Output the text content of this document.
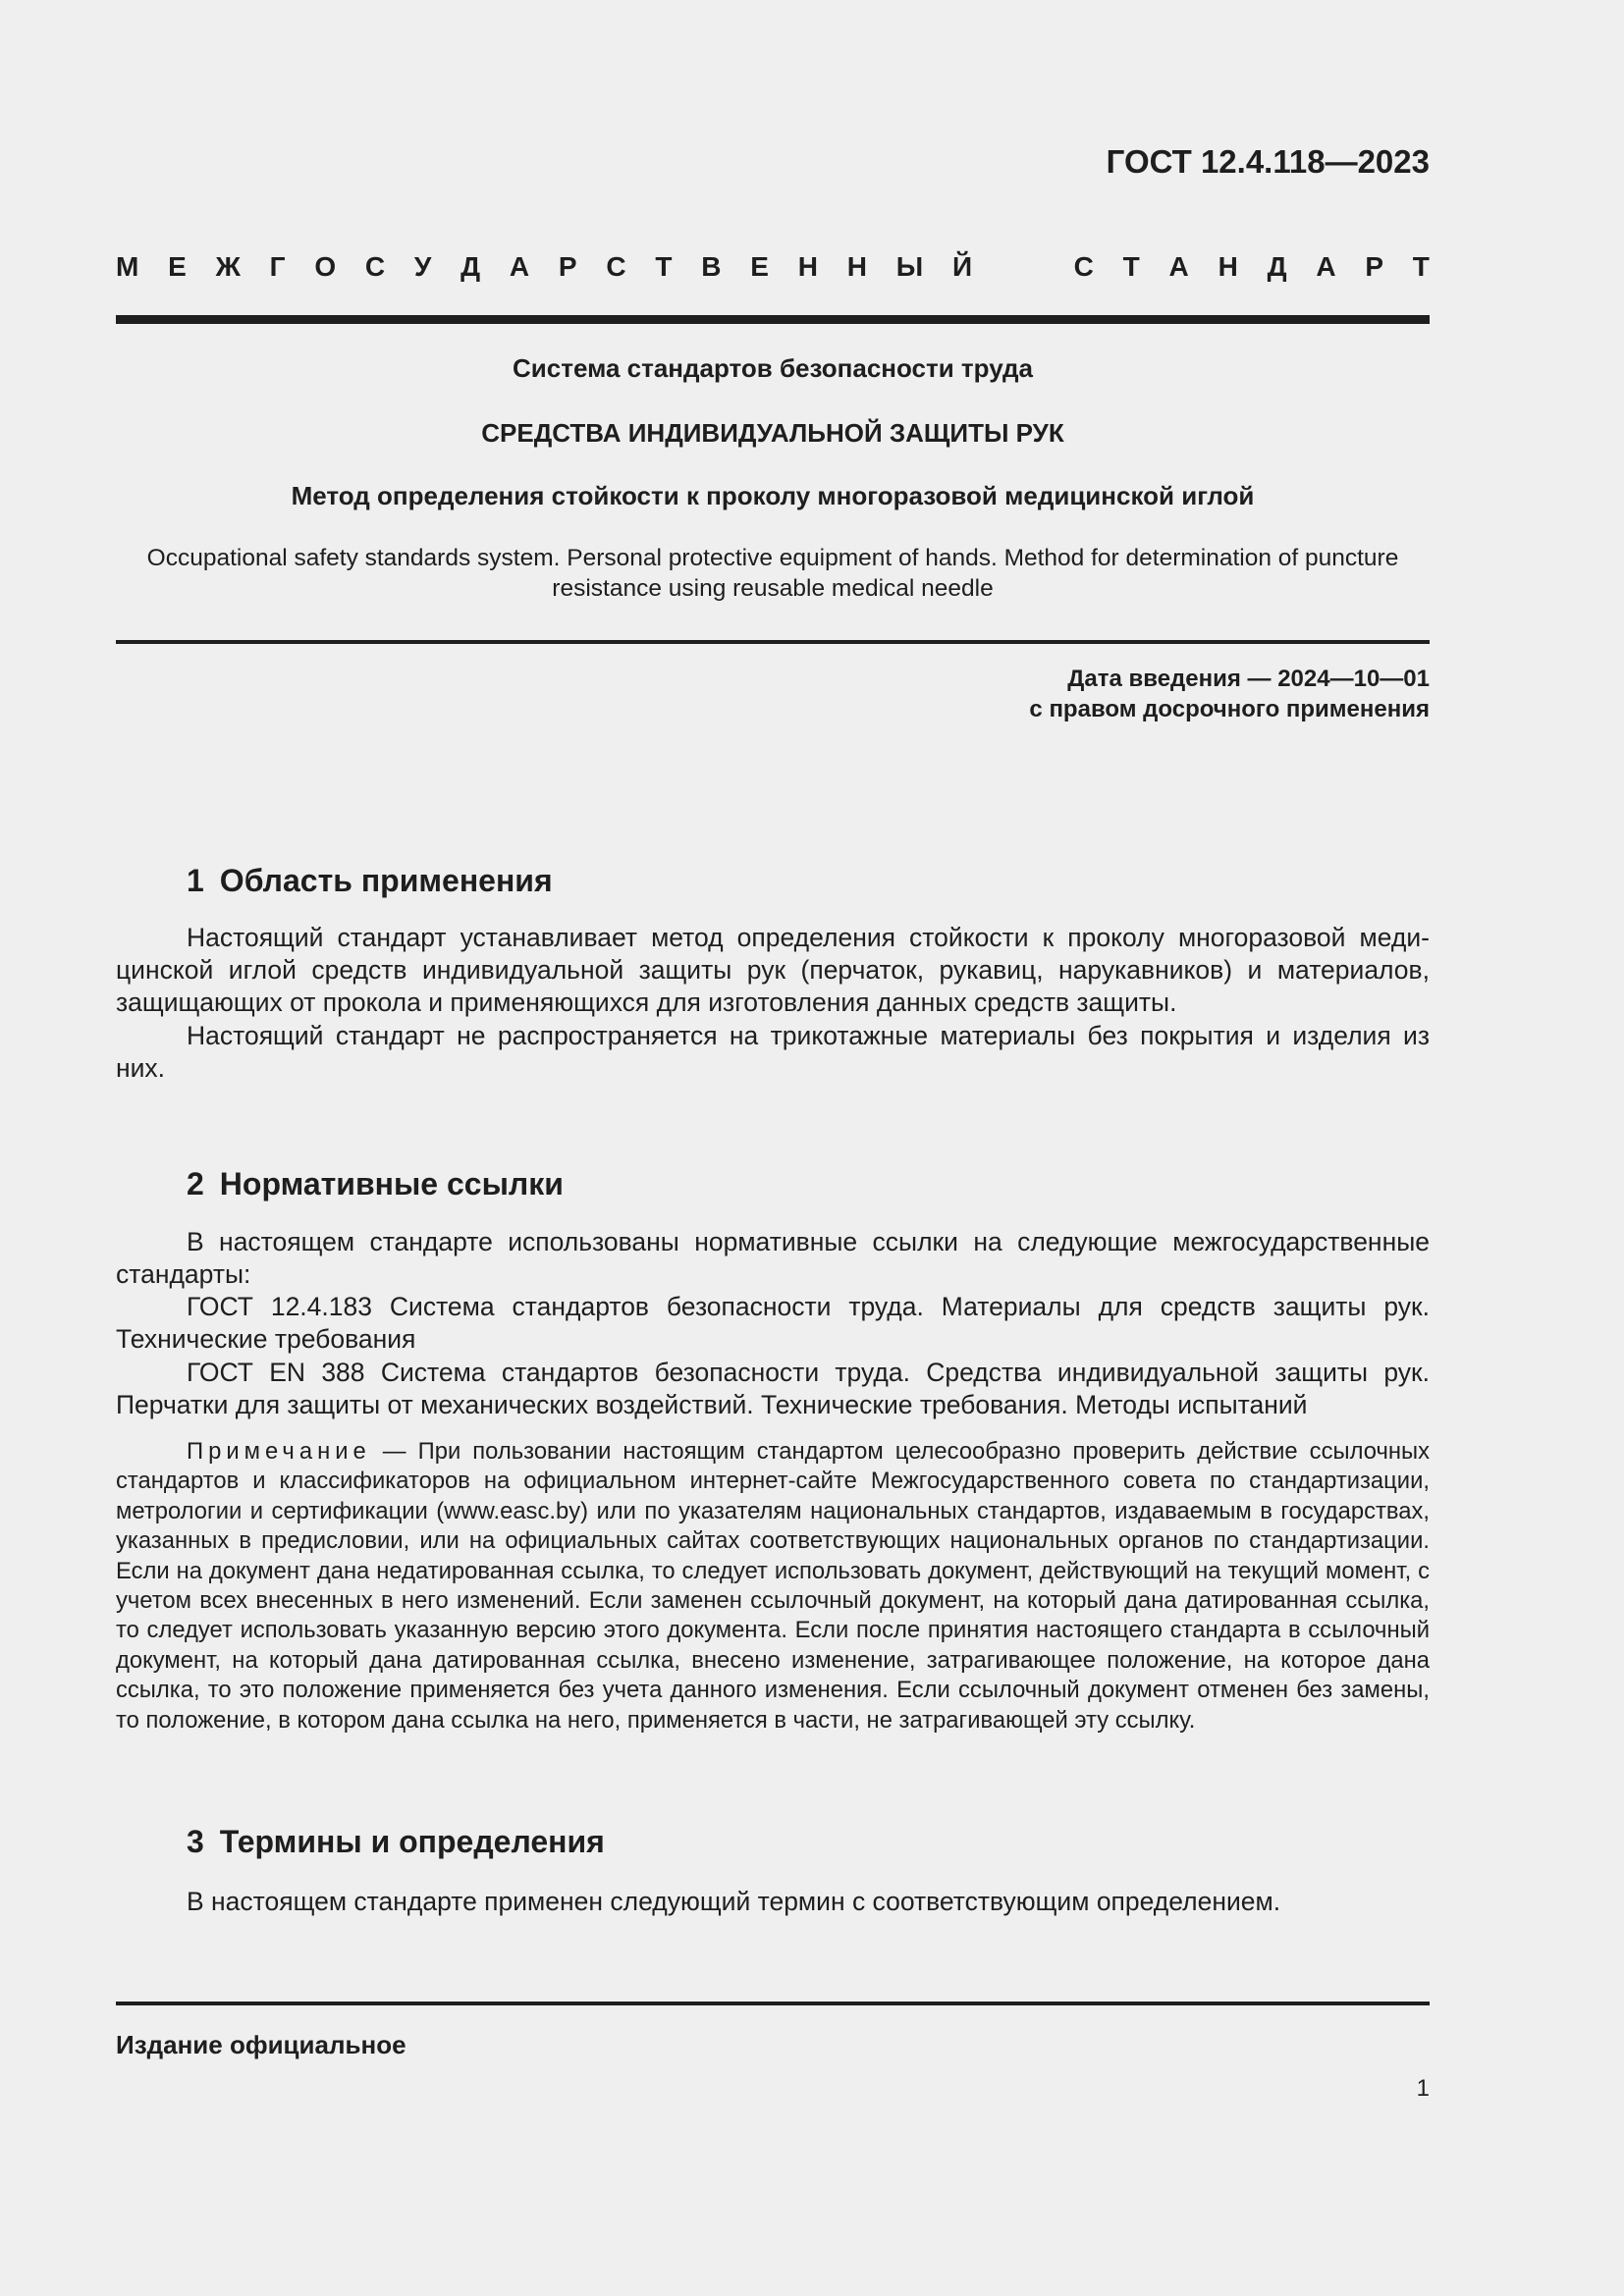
ГОСТ 12.4.118—2023
М Е Ж Г О С У Д А Р С Т В Е Н Н Ы Й	С Т А Н Д А Р Т
Система стандартов безопасности труда
СРЕДСТВА ИНДИВИДУАЛЬНОЙ ЗАЩИТЫ РУК
Метод определения стойкости к проколу многоразовой медицинской иглой
Occupational safety standards system. Personal protective equipment of hands. Method for determination of puncture resistance using reusable medical needle
Дата введения — 2024—10—01
с правом досрочного применения
1 Область применения
Настоящий стандарт устанавливает метод определения стойкости к проколу многоразовой медицинской иглой средств индивидуальной защиты рук (перчаток, рукавиц, нарукавников) и материалов, защищающих от прокола и применяющихся для изготовления данных средств защиты.
Настоящий стандарт не распространяется на трикотажные материалы без покрытия и изделия из них.
2 Нормативные ссылки
В настоящем стандарте использованы нормативные ссылки на следующие межгосударственные стандарты:
ГОСТ 12.4.183 Система стандартов безопасности труда. Материалы для средств защиты рук. Технические требования
ГОСТ EN 388 Система стандартов безопасности труда. Средства индивидуальной защиты рук. Перчатки для защиты от механических воздействий. Технические требования. Методы испытаний
Примечание — При пользовании настоящим стандартом целесообразно проверить действие ссылочных стандартов и классификаторов на официальном интернет-сайте Межгосударственного совета по стандартизации, метрологии и сертификации (www.easc.by) или по указателям национальных стандартов, издаваемым в государствах, указанных в предисловии, или на официальных сайтах соответствующих национальных органов по стандартизации. Если на документ дана недатированная ссылка, то следует использовать документ, действующий на текущий момент, с учетом всех внесенных в него изменений. Если заменен ссылочный документ, на который дана датированная ссылка, то следует использовать указанную версию этого документа. Если после принятия настоящего стандарта в ссылочный документ, на который дана датированная ссылка, внесено изменение, затрагивающее положение, на которое дана ссылка, то это положение применяется без учета данного изменения. Если ссылочный документ отменен без замены, то положение, в котором дана ссылка на него, применяется в части, не затрагивающей эту ссылку.
3 Термины и определения
В настоящем стандарте применен следующий термин с соответствующим определением.
Издание официальное
1
